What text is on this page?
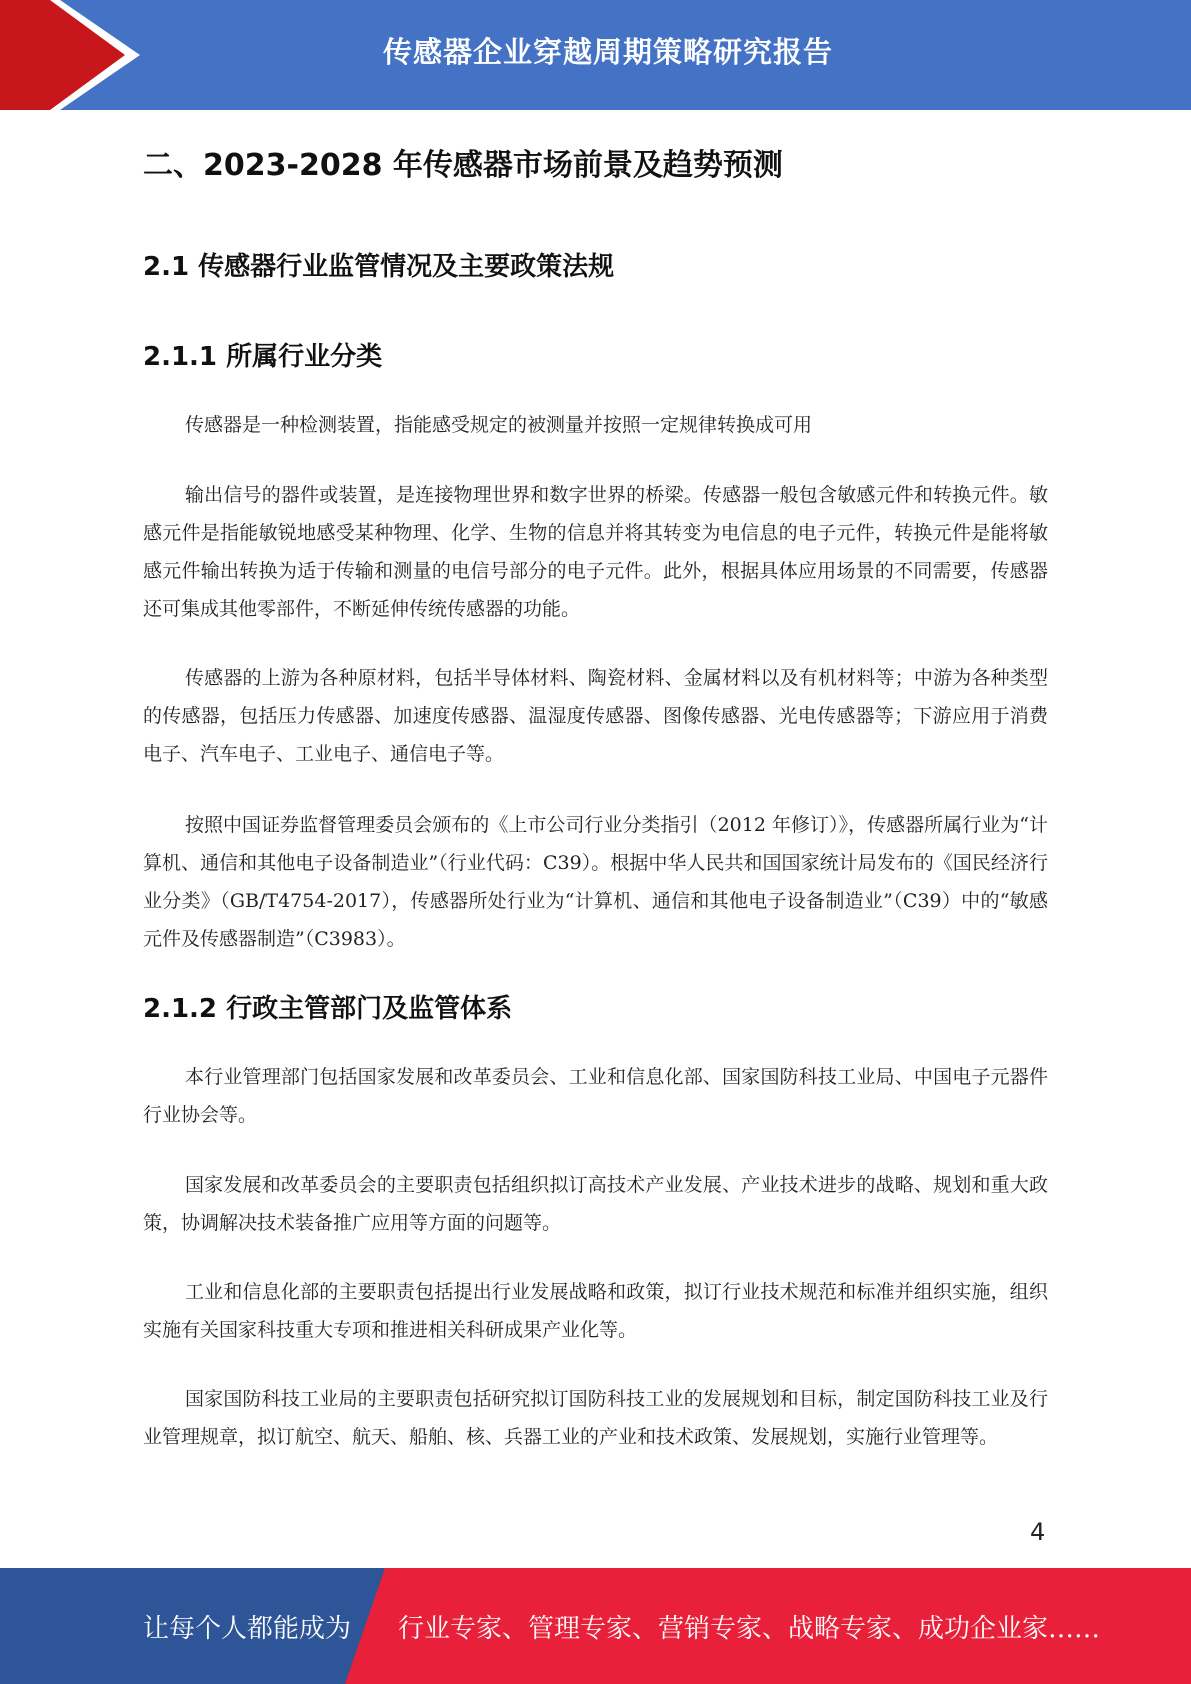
传感器企业穿越周期策略研究报告
二、2023-2028 年传感器市场前景及趋势预测
2.1 传感器行业监管情况及主要政策法规
2.1.1 所属行业分类

传感器是一种检测装置，指能感受规定的被测量并按照一定规律转换成可用

输出信号的器件或装置，是连接物理世界和数字世界的桥梁。传感器一般包含敏感元件和转换元件。敏感元件是指能敏锐地感受某种物理、化学、生物的信息并将其转变为电信息的电子元件，转换元件是能将敏感元件输出转换为适于传输和测量的电信号部分的电子元件。此外，根据具体应用场景的不同需要，传感器还可集成其他零部件，不断延伸传统传感器的功能。

传感器的上游为各种原材料，包括半导体材料、陶瓷材料、金属材料以及有机材料等；中游为各种类型的传感器，包括压力传感器、加速度传感器、温湿度传感器、图像传感器、光电传感器等；下游应用于消费电子、汽车电子、工业电子、通信电子等。

按照中国证券监督管理委员会颁布的《上市公司行业分类指引（2012 年修订）》，传感器所属行业为“计算机、通信和其他电子设备制造业”（行业代码：C39）。根据中华人民共和国国家统计局发布的《国民经济行业分类》（GB/T4754-2017），传感器所处行业为“计算机、通信和其他电子设备制造业”（C39）中的“敏感元件及传感器制造”（C3983）。

2.1.2 行政主管部门及监管体系

本行业管理部门包括国家发展和改革委员会、工业和信息化部、国家国防科技工业局、中国电子元器件行业协会等。

国家发展和改革委员会的主要职责包括组织拟订高技术产业发展、产业技术进步的战略、规划和重大政策，协调解决技术装备推广应用等方面的问题等。

工业和信息化部的主要职责包括提出行业发展战略和政策，拟订行业技术规范和标准并组织实施，组织实施有关国家科技重大专项和推进相关科研成果产业化等。

国家国防科技工业局的主要职责包括研究拟订国防科技工业的发展规划和目标，制定国防科技工业及行业管理规章，拟订航空、航天、船舶、核、兵器工业的产业和技术政策、发展规划，实施行业管理等。

4
让每个人都能成为 行业专家、管理专家、营销专家、战略专家、成功企业家……
